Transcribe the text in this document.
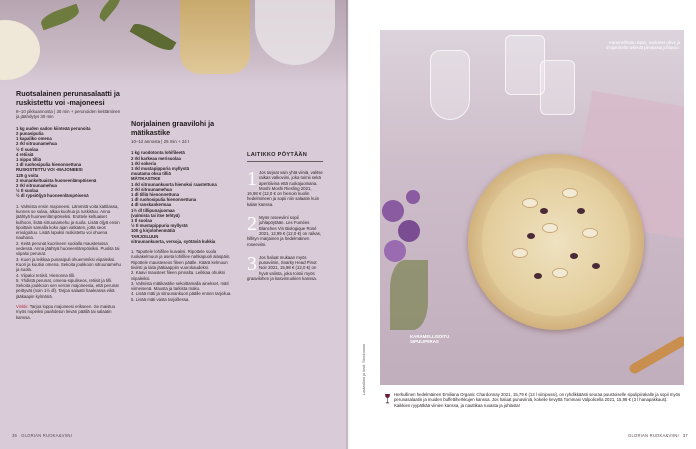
Ruotsalainen perunasalaatti ja ruskistettu voi -majoneesi
8–10 pikkuannosta | 30 min + perunoiden keittäminen ja jäähdytys 30 min
1 kg uuden sadon kiinteää perunoita
2 punasipulia
1 kapaliko omena
2 rkl sitruunamehua
½ tl suolaa
4 retiisiä
1 nippu tilliä
1 dl ruohosipulia hienonnettuna
RUSKISTETTU VOI -MAJONEESI
125 g voita
2 munankeltuaista huoneenlämpöisenä
2 rkl sitruunamehua
½ tl suolaa
½ dl rypsiöljyä huoneenlämpöisenä

1. Valmista ensin majoneesi. Lämmitä voita kattilassa, kunnes se sulaa, alkaa kuohua ja ruskistuu. Anna jäähtyä huoneenlämpöiseksi. Erottele keltuaiset kulhoon, lisää sitruunamehu ja suola. Lisää öljyä ensin tipoittain samalla koko ajan vatkaten, jotta seos emulgoituu. Lisää lopuksi ruskistettu voi ohuena nauhana.

2. Keitä perunat kuorineen suolalla maustetussa vedessä. Anna jäähtyä huoneenlämpöisiksi. Puolita tai viipaloi perunat.

3. Kuori ja leikkaa punasipuli ohuemmiksi viipaleiksi. Kuori ja kuutioi omena. Sekoita joukkoon sitruunamehu ja suola.

4. Viipaloi retiisit. Hienonna tilli.

5. Yhdistä perunat, omena-sipuliseos, retiisit ja tilli. Sekoita joukkoon sen verran majoneesia, että perunat peittyvät (noin 1½ dl). Tarjoa salaatti haaleassa eikä jääkaapin kylmänä.

Vinkki: Tarjoa loppu majoneesi erikseen. Se maistuu myös nopeiksi paahdetun leivän päällä tai salaatin kanssa.
Norjalainen graavilohi ja mätikastike
10–12 annosta | 25 min + 24 t
1 kg ruodotonta lohifileetä
2 rkl karkeaa merisuolaa
1 rkl sokeria
1 rkl mustapippuria myllystä
muutama oksa tilliä
MÄTIKASTIKE
1 rkl sitruunankuorta hienoksi raastettuna
2 rkl sitruunamehua
1 dl tilliä hienonnettuna
1 dl ruohosipulia hienonnettuna
4 dl ranskankermaa
1½ dl tillipunajuomaa
(valmista tai itse tehtyä)
1 tl suolaa
½ tl mustapippuria myllystä
100 g kirjolohenmätiä
TARJOILUUN
sitruunankuorta, versoja, syötäviä kukkia

1. Taputtele lohifilee kuivaksi. Ripottele suola ruokakelmuun ja aseta lohifilee nahkapuoli alaspäin. Ripottele mausteseos fileen päälle. Käärä kelmuun tiiviisti ja laita jääkaappiin vuorokaudeksi.

2. Kaavi mausteet fileen pinnalta. Leikkaa ohuiksi viipaleiksi.

3. Valmista mätikastike sekoittamalla ainekset, mäti viimeisenä. Mausta ja tarkista maku.

4. Lisää mäti ja sitruunankuori päälle ennen tarjoilua.

5. Lisää mäti vasta tarjoillessa.

LAITIKKO PÖYTÄÄN
1 Jos tarjoat vain yhtä viiniä, valitse raikas valkoviini, joka toimii sekä aperitiivina että ruokajuomana. Moshi Moshi Riesling 2021, 16,98 € (12,0 € on hienoin kuolin hedelmineen ja sopii niin salaatin kuin kalan kanssa.
2 Myös roseeviini sopii juhlapöytään. Les Fumées Blanches Vin Biologique Rosé 2021, 12,99 € (12,0 €) on raikas, hillityn marjainen ja hedelmäinen roseeviini.
3 Jos haluat mukaan myös punaviinin, Snarky Head Pinot Noir 2021, 15,98 € (12,0 €) on hyvä valinta, joka toimii myös graavilohen ja kasvisruokien kanssa.
36 GLORIAN RUOKA&VIINI
Karamellisoitu sipuli, suolaiset oliivit ja timjamikeltu tekevät piirakasta juhlavan.
KARAMELLISOITU SIPULIPIIRAS
Lautasliina ja lasit: Stockmann	Herkullinen hedelmäinen Emiliana Organic Chardonnay 2021, 15,79 € (13 l viinipussi), on ryhdikkäästi seuraa puustoiselle sipulipiirakalle ja sopii myös perunasalaatin ja muiden buffettiherkkujen kanssa. Jos haluat punaviiniä, kokeile kevyttä Tommasi Valpolicella 2021, 15,98 € (3 l hanapakkaus). Kaikkien ryypätkää viinien kanssa, ja nauttikaa ruoasta ja juhlasta!
GLORIAN RUOKA&VIINI 37
